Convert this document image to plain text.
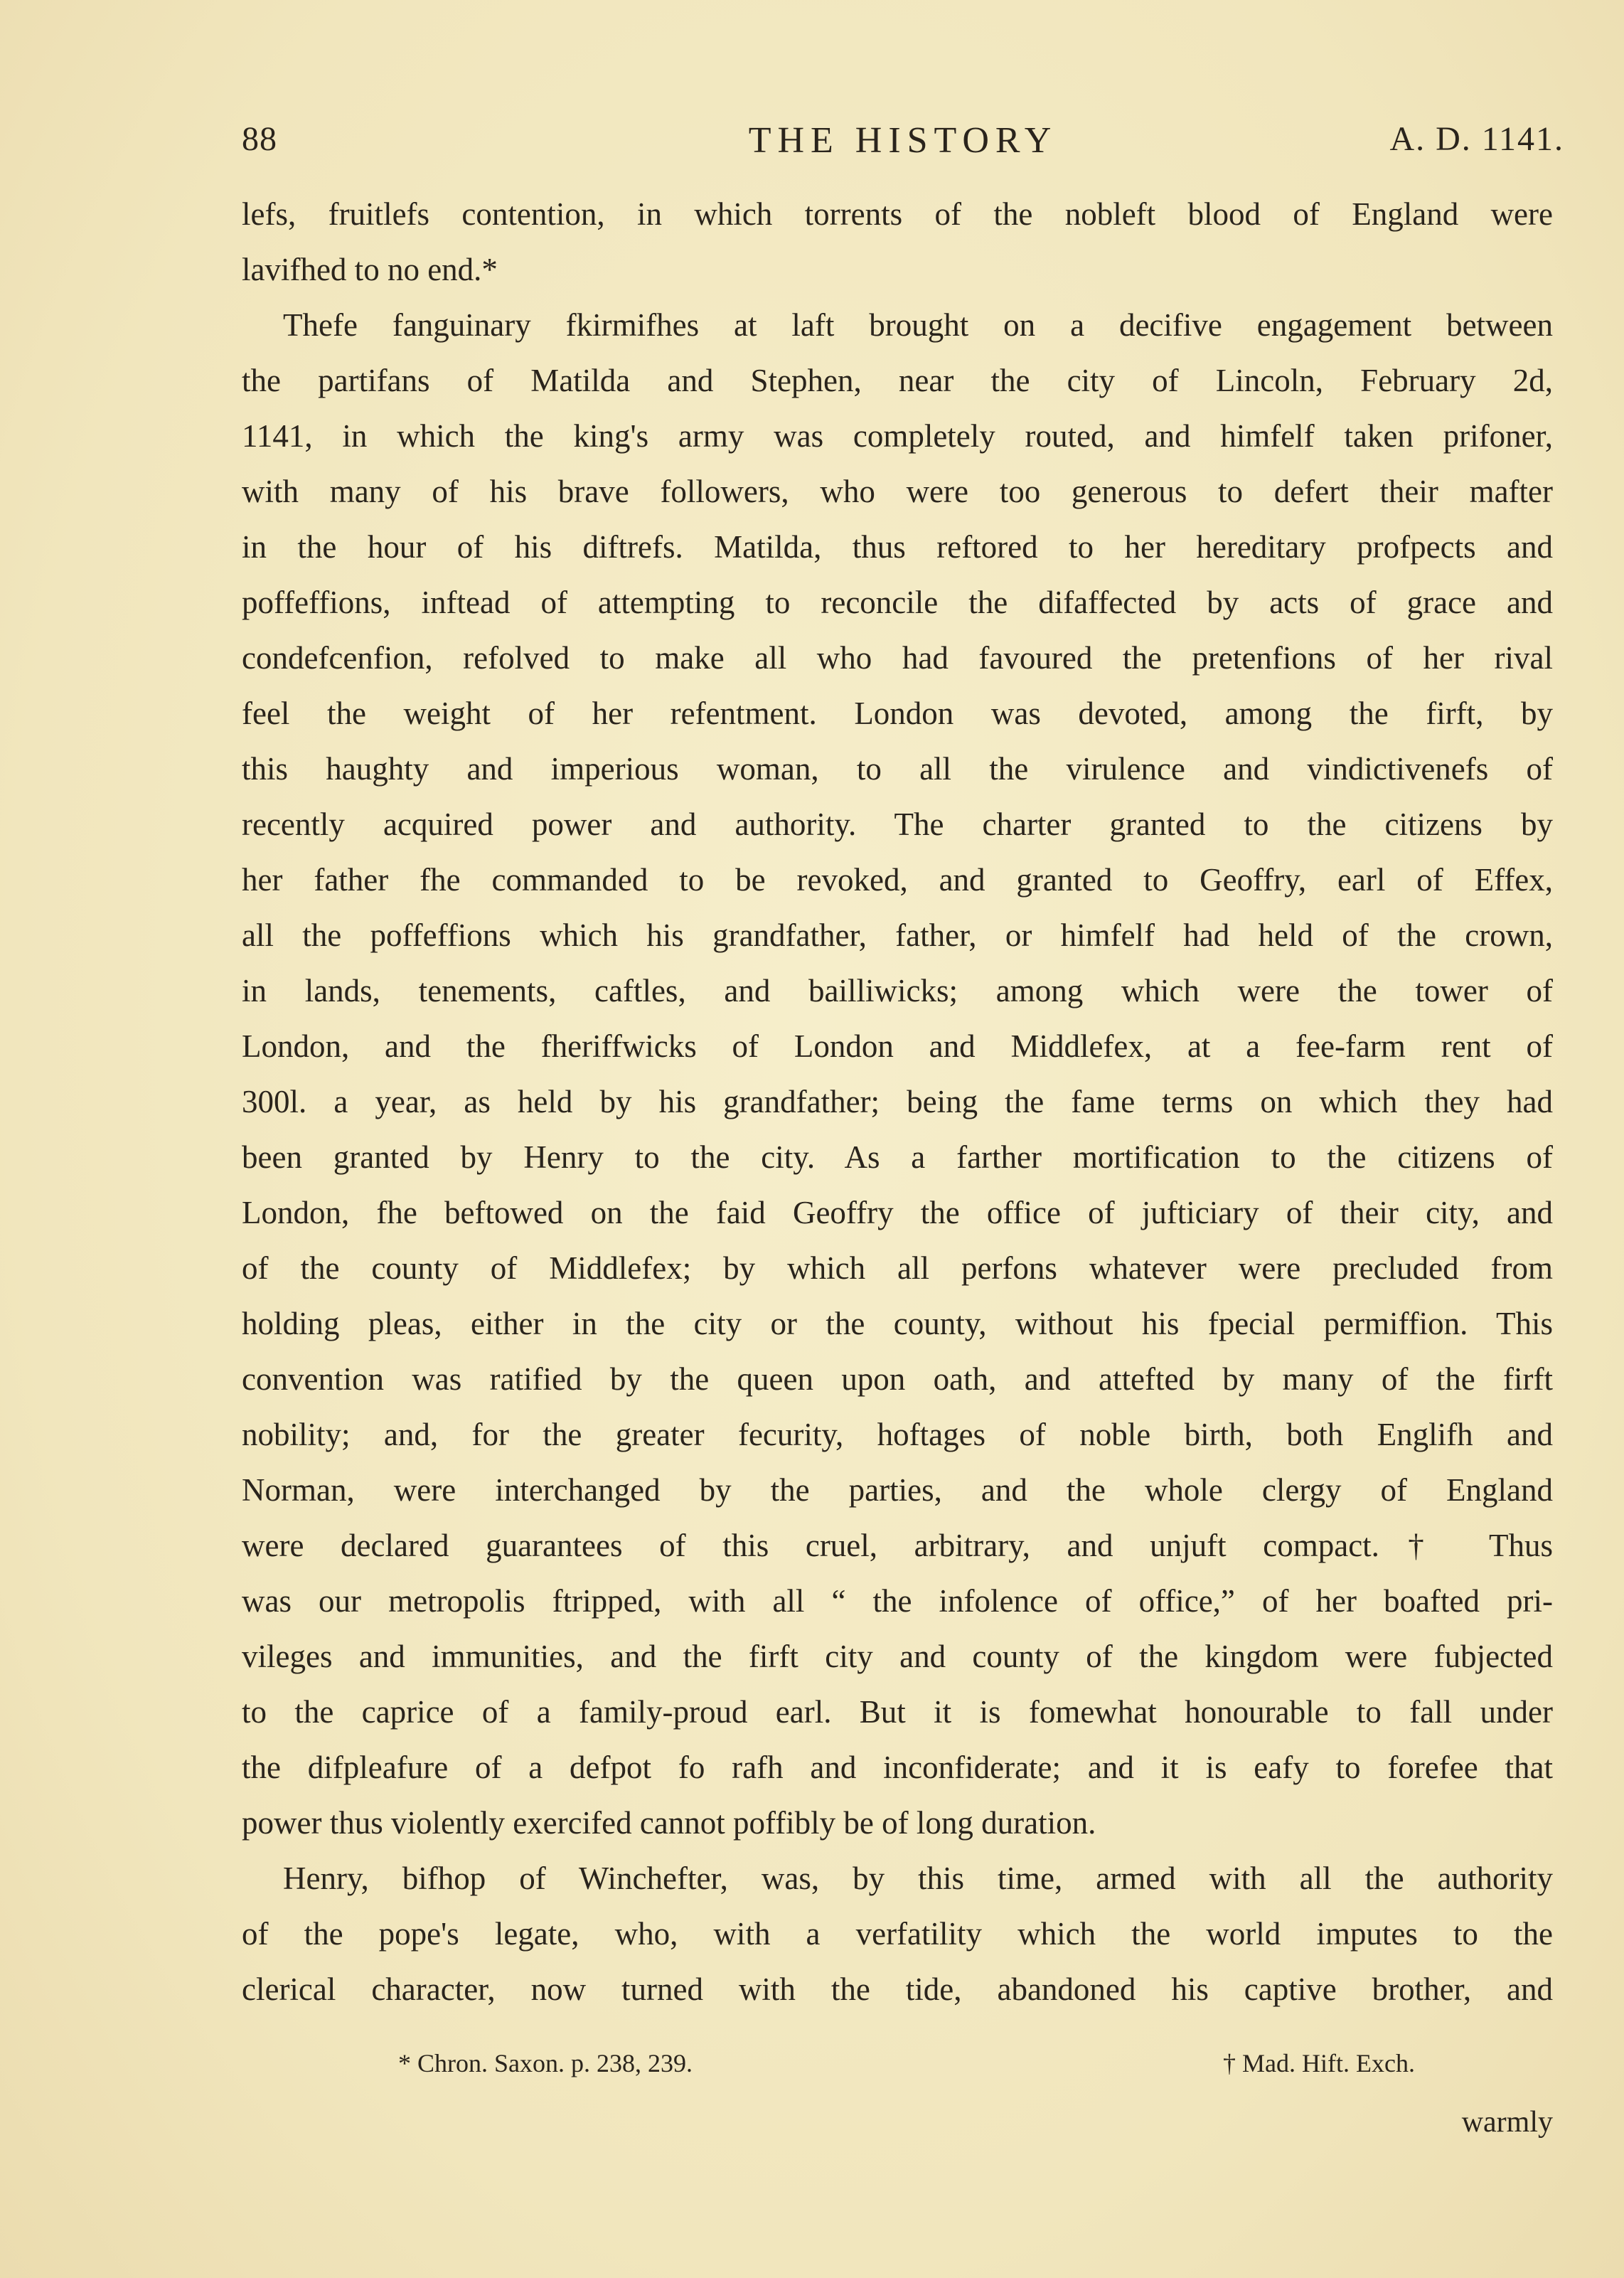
88	THE HISTORY	A. D. 1141.
lefs, fruitlefs contention, in which torrents of the nobleft blood of England were
lavifhed to no end.*
Thefe fanguinary fkirmifhes at laft brought on a decifive engagement between
the partifans of Matilda and Stephen, near the city of Lincoln, February 2d,
1141, in which the king's army was completely routed, and himfelf taken prifoner,
with many of his brave followers, who were too generous to defert their mafter
in the hour of his diftrefs. Matilda, thus reftored to her hereditary profpects and
poffeffions, inftead of attempting to reconcile the difaffected by acts of grace and
condefcenfion, refolved to make all who had favoured the pretenfions of her rival
feel the weight of her refentment. London was devoted, among the firft, by
this haughty and imperious woman, to all the virulence and vindictivenefs of
recently acquired power and authority. The charter granted to the citizens by
her father fhe commanded to be revoked, and granted to Geoffry, earl of Effex,
all the poffeffions which his grandfather, father, or himfelf had held of the crown,
in lands, tenements, caftles, and bailliwicks; among which were the tower of
London, and the fheriffwicks of London and Middlefex, at a fee-farm rent of
300l. a year, as held by his grandfather; being the fame terms on which they had
been granted by Henry to the city. As a farther mortification to the citizens of
London, fhe beftowed on the faid Geoffry the office of jufticiary of their city, and
of the county of Middlefex; by which all perfons whatever were precluded from
holding pleas, either in the city or the county, without his fpecial permiffion. This
convention was ratified by the queen upon oath, and attefted by many of the firft
nobility; and, for the greater fecurity, hoftages of noble birth, both Englifh and
Norman, were interchanged by the parties, and the whole clergy of England
were declared guarantees of this cruel, arbitrary, and unjuft compact.† Thus
was our metropolis ftripped, with all “ the infolence of office,” of her boafted pri-
vileges and immunities, and the firft city and county of the kingdom were fubjected
to the caprice of a family-proud earl. But it is fomewhat honourable to fall under
the difpleafure of a defpot fo rafh and inconfiderate; and it is eafy to forefee that
power thus violently exercifed cannot poffibly be of long duration.
Henry, bifhop of Winchefter, was, by this time, armed with all the authority
of the pope's legate, who, with a verfatility which the world imputes to the
clerical character, now turned with the tide, abandoned his captive brother, and
* Chron. Saxon. p. 238, 239.	† Mad. Hift. Exch.
warmly
